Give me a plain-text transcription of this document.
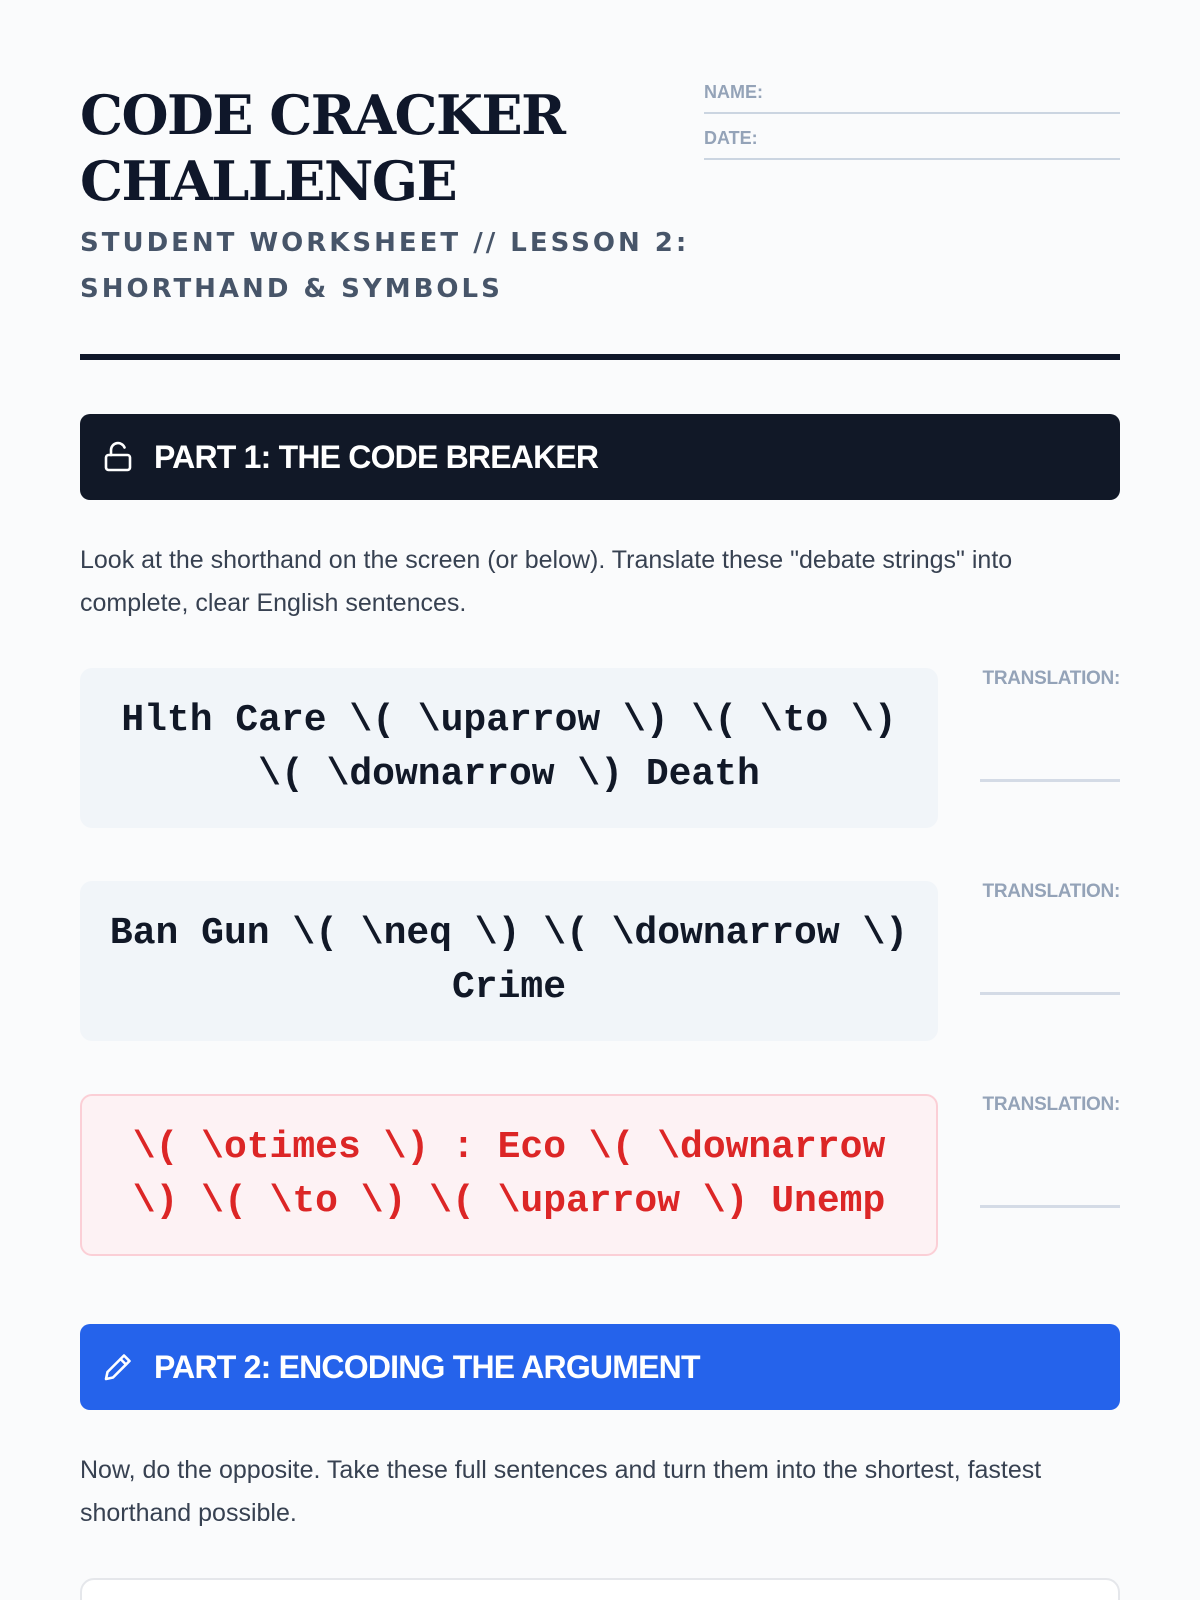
CODE CRACKER CHALLENGE
STUDENT WORKSHEET // LESSON 2: SHORTHAND & SYMBOLS
NAME:
DATE:
PART 1: THE CODE BREAKER
Look at the shorthand on the screen (or below). Translate these "debate strings" into complete, clear English sentences.
Hlth Care \( \uparrow \) \( \to \) \( \downarrow \) Death
TRANSLATION:
Ban Gun \( \neq \) \( \downarrow \) Crime
TRANSLATION:
\( \otimes \) : Eco \( \downarrow \) \( \to \) \( \uparrow \) Unemp
TRANSLATION:
PART 2: ENCODING THE ARGUMENT
Now, do the opposite. Take these full sentences and turn them into the shortest, fastest shorthand possible.
